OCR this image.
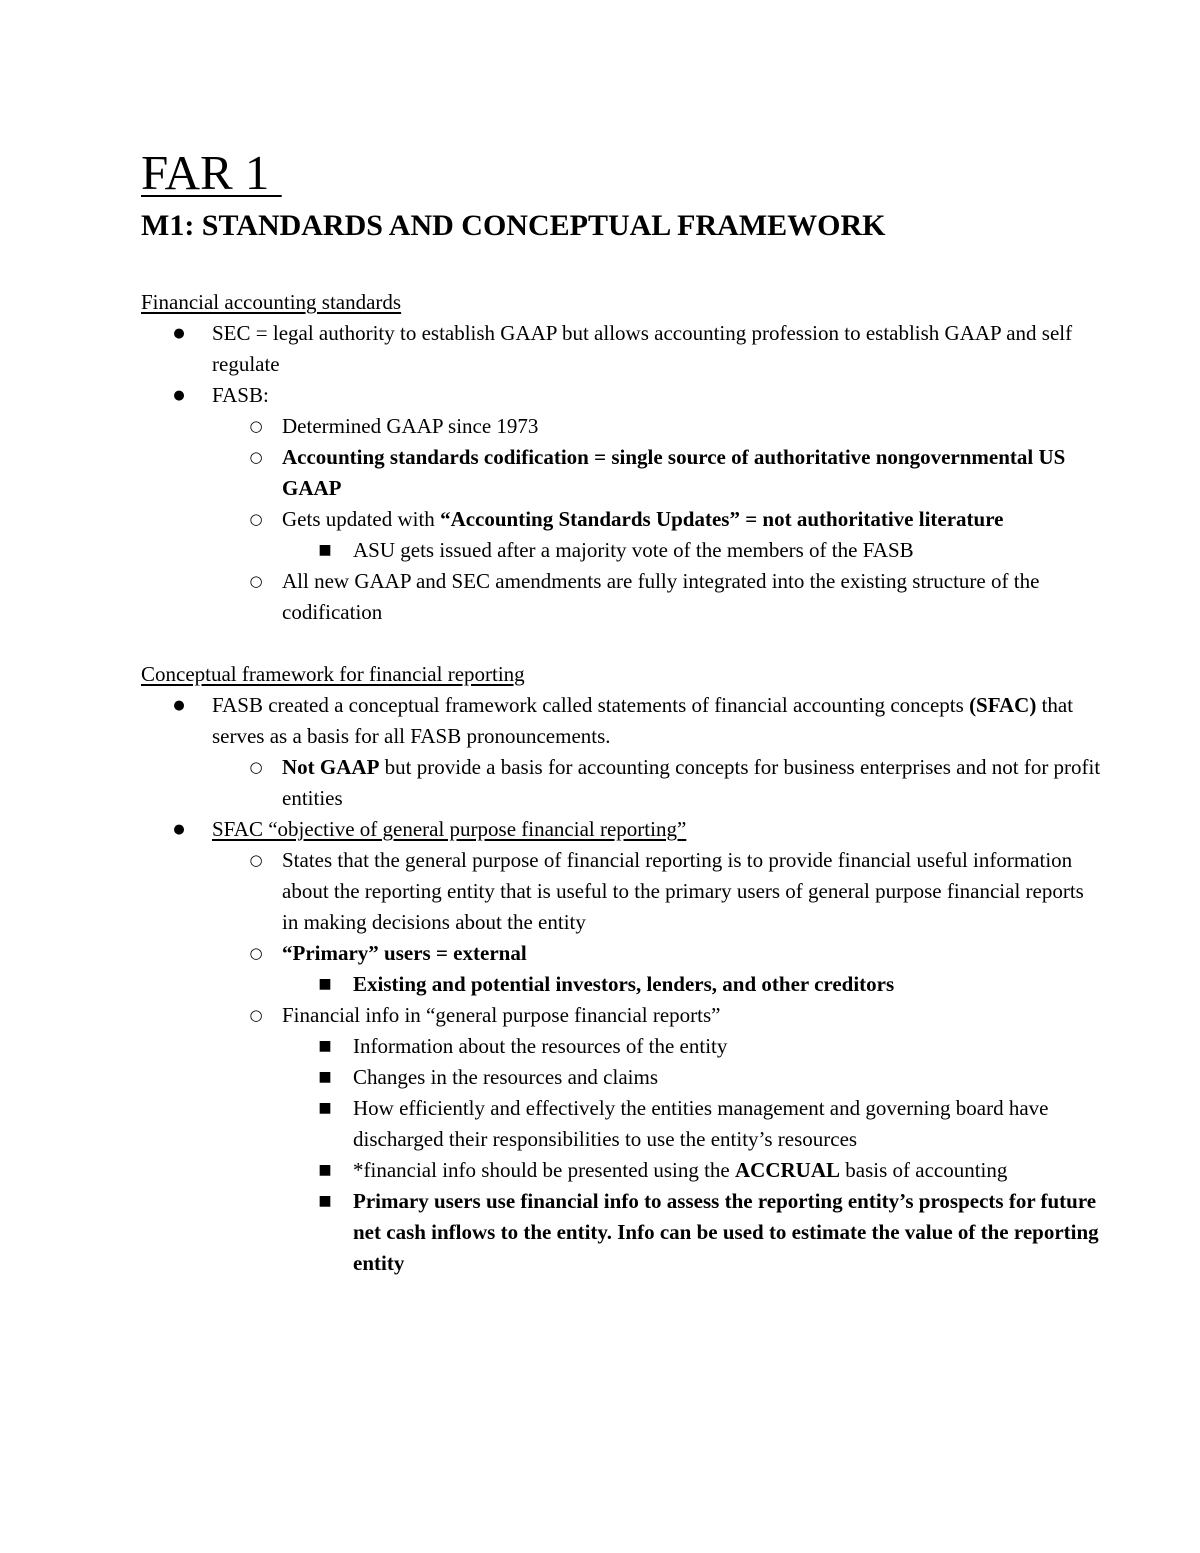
FAR 1
M1: STANDARDS AND CONCEPTUAL FRAMEWORK
Financial accounting standards
● SEC = legal authority to establish GAAP but allows accounting profession to establish GAAP and self regulate
● FASB:
○ Determined GAAP since 1973
○ Accounting standards codification = single source of authoritative nongovernmental US GAAP
○ Gets updated with “Accounting Standards Updates” = not authoritative literature
■ ASU gets issued after a majority vote of the members of the FASB
○ All new GAAP and SEC amendments are fully integrated into the existing structure of the codification
Conceptual framework for financial reporting
● FASB created a conceptual framework called statements of financial accounting concepts (SFAC) that serves as a basis for all FASB pronouncements.
○ Not GAAP but provide a basis for accounting concepts for business enterprises and not for profit entities
● SFAC “objective of general purpose financial reporting”
○ States that the general purpose of financial reporting is to provide financial useful information about the reporting entity that is useful to the primary users of general purpose financial reports in making decisions about the entity
○ “Primary” users = external
■ Existing and potential investors, lenders, and other creditors
○ Financial info in “general purpose financial reports”
■ Information about the resources of the entity
■ Changes in the resources and claims
■ How efficiently and effectively the entities management and governing board have discharged their responsibilities to use the entity’s resources
■ *financial info should be presented using the ACCRUAL basis of accounting
■ Primary users use financial info to assess the reporting entity’s prospects for future net cash inflows to the entity. Info can be used to estimate the value of the reporting entity
